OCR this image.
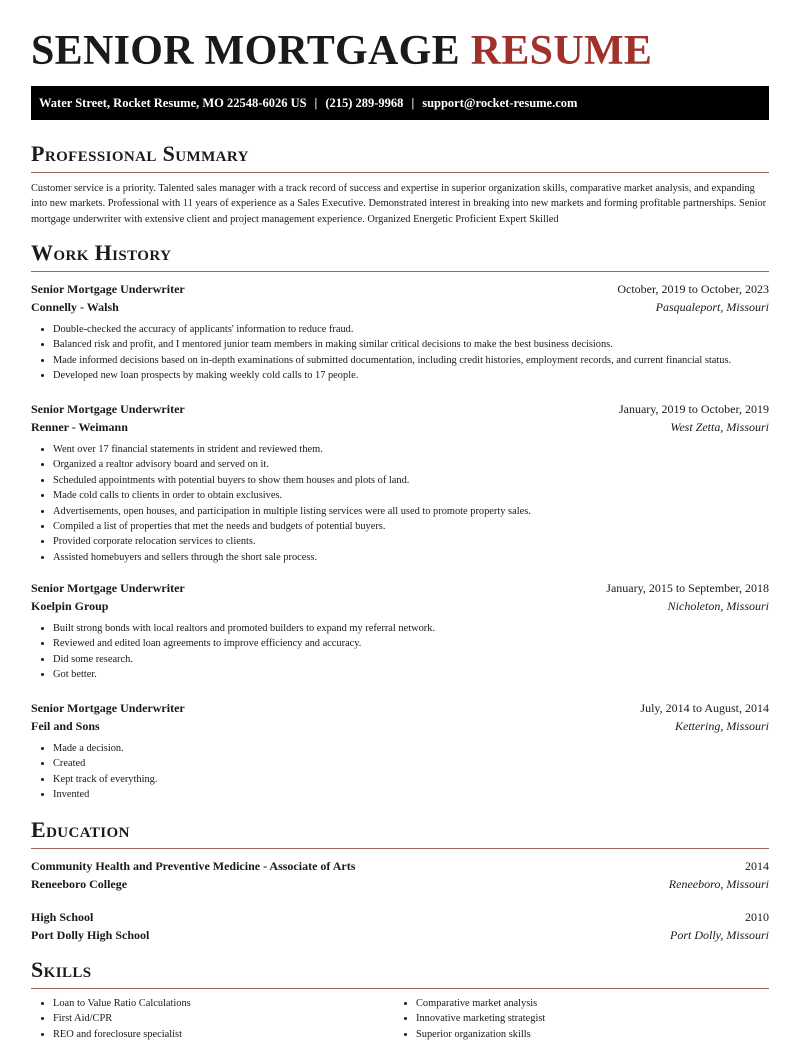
SENIOR MORTGAGE RESUME
Water Street, Rocket Resume, MO 22548-6026 US | (215) 289-9968 | support@rocket-resume.com
Professional Summary

Customer service is a priority. Talented sales manager with a track record of success and expertise in superior organization skills, comparative market analysis, and expanding into new markets. Professional with 11 years of experience as a Sales Executive. Demonstrated interest in breaking into new markets and forming profitable partnerships. Senior mortgage underwriter with extensive client and project management experience. Organized Energetic Proficient Expert Skilled

Work History
Senior Mortgage Underwriter	October, 2019 to October, 2023
Connelly - Walsh	Pasqualeport, Missouri
• Double-checked the accuracy of applicants' information to reduce fraud.
• Balanced risk and profit, and I mentored junior team members in making similar critical decisions to make the best business decisions.
• Made informed decisions based on in-depth examinations of submitted documentation, including credit histories, employment records, and current financial status.
• Developed new loan prospects by making weekly cold calls to 17 people.
Senior Mortgage Underwriter	January, 2019 to October, 2019
Renner - Weimann	West Zetta, Missouri
• Went over 17 financial statements in strident and reviewed them.
• Organized a realtor advisory board and served on it.
• Scheduled appointments with potential buyers to show them houses and plots of land.
• Made cold calls to clients in order to obtain exclusives.
• Advertisements, open houses, and participation in multiple listing services were all used to promote property sales.
• Compiled a list of properties that met the needs and budgets of potential buyers.
• Provided corporate relocation services to clients.
• Assisted homebuyers and sellers through the short sale process.
Senior Mortgage Underwriter	January, 2015 to September, 2018
Koelpin Group	Nicholeton, Missouri
• Built strong bonds with local realtors and promoted builders to expand my referral network.
• Reviewed and edited loan agreements to improve efficiency and accuracy.
• Did some research.
• Got better.
Senior Mortgage Underwriter	July, 2014 to August, 2014
Feil and Sons	Kettering, Missouri
• Made a decision.
• Created
• Kept track of everything.
• Invented
Education
Community Health and Preventive Medicine - Associate of Arts	2014
Reneeboro College	Reneeboro, Missouri
High School	2010
Port Dolly High School	Port Dolly, Missouri
Skills
• Loan to Value Ratio Calculations
• First Aid/CPR
• REO and foreclosure specialist
• Comparative market analysis
• Innovative marketing strategist
• Superior organization skills
